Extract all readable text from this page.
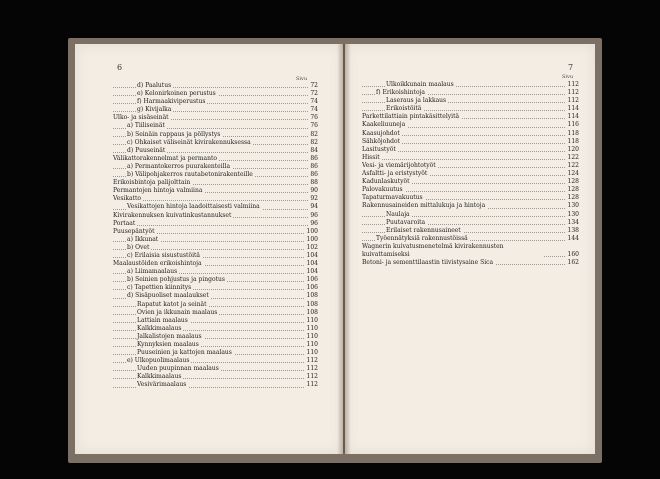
6	7
Sivu	Sivu
d) Paalutus	72
e) Kelonirkoinen perustus	72
f) Harmaakiviperustus	74
g) Kivijalka	74
Ulko- ja sisäseinät	76
a) Tiiliseinät	76
b) Seinäin rappaus ja pöllystys	82
c) Ohkaiset väliseinät kivirakennuksessa	82
d) Puuseinät	84
Välikattorakennelmat ja permanto	86
a) Permantokerros puurakenteilla	86
b) Välipohjakerros rautabetonirakenteille	86
Erikoisbintoja palijolttain	88
Permantojen hintoja valmiina	90
Vesikatto	92
Vesikattojen hintoja laadoittaisesti valmiina	94
Kivirakennuksen kuivatinkustannukset	96
Portaat	96
Puusepäntyöt	100
a) Ikkunat	100
b) Ovet	102
c) Erilaisia sisustustöitä	104
Maalaustöiden erikoishintoja	104
a) Liimamaalaus	104
b) Seinien pohjustus ja pingotus	106
c) Tapettien kiinnitys	106
d) Sisäpuoliset maalaukset	108
Rapatut katot ja seinät	108
Ovien ja ikkunain maalaus	108
Lattiain maalaus	110
Kalkkimaalaus	110
Jalkalistojen maalaus	110
Kynnyksien maalaus	110
Puuseinien ja kattojen maalaus	110
e) Ulkopuolimaalaus	112
Uuden puupinnan maalaus	112
Kalkkimaalaus	112
Vesivärimaalaus	112
Ulkoikkunain maalaus	112
f) Erikoishintoja	112
Laseraus ja lakkaus	112
Erikoistöitä	114
Parkettilattiain pintakäsittelyitä	114
Kaakeliuuneja	116
Kaasujohdot	118
Sähköjohdot	118
Lasitustyöt	120
Hissit	122
Vesi- ja viemärijohtotyöt	122
Asfaltti- ja eristystyöt	124
Kadunlaskutyöt	128
Palovakuutus	128
Tapaturmavakuutus	128
Rakennusaineiden mittalukuja ja hintoja	130
Naulaja	130
Puutavaroita	134
Erilaiset rakennusaineet	138
Työennätyksiä rakennustöissä	144
Wagnerin kuivatusmenetelmä kivirakennusten kuivattamiseksi	160
Betoni- ja sementtilaastin tiivistysaine Sica	162
